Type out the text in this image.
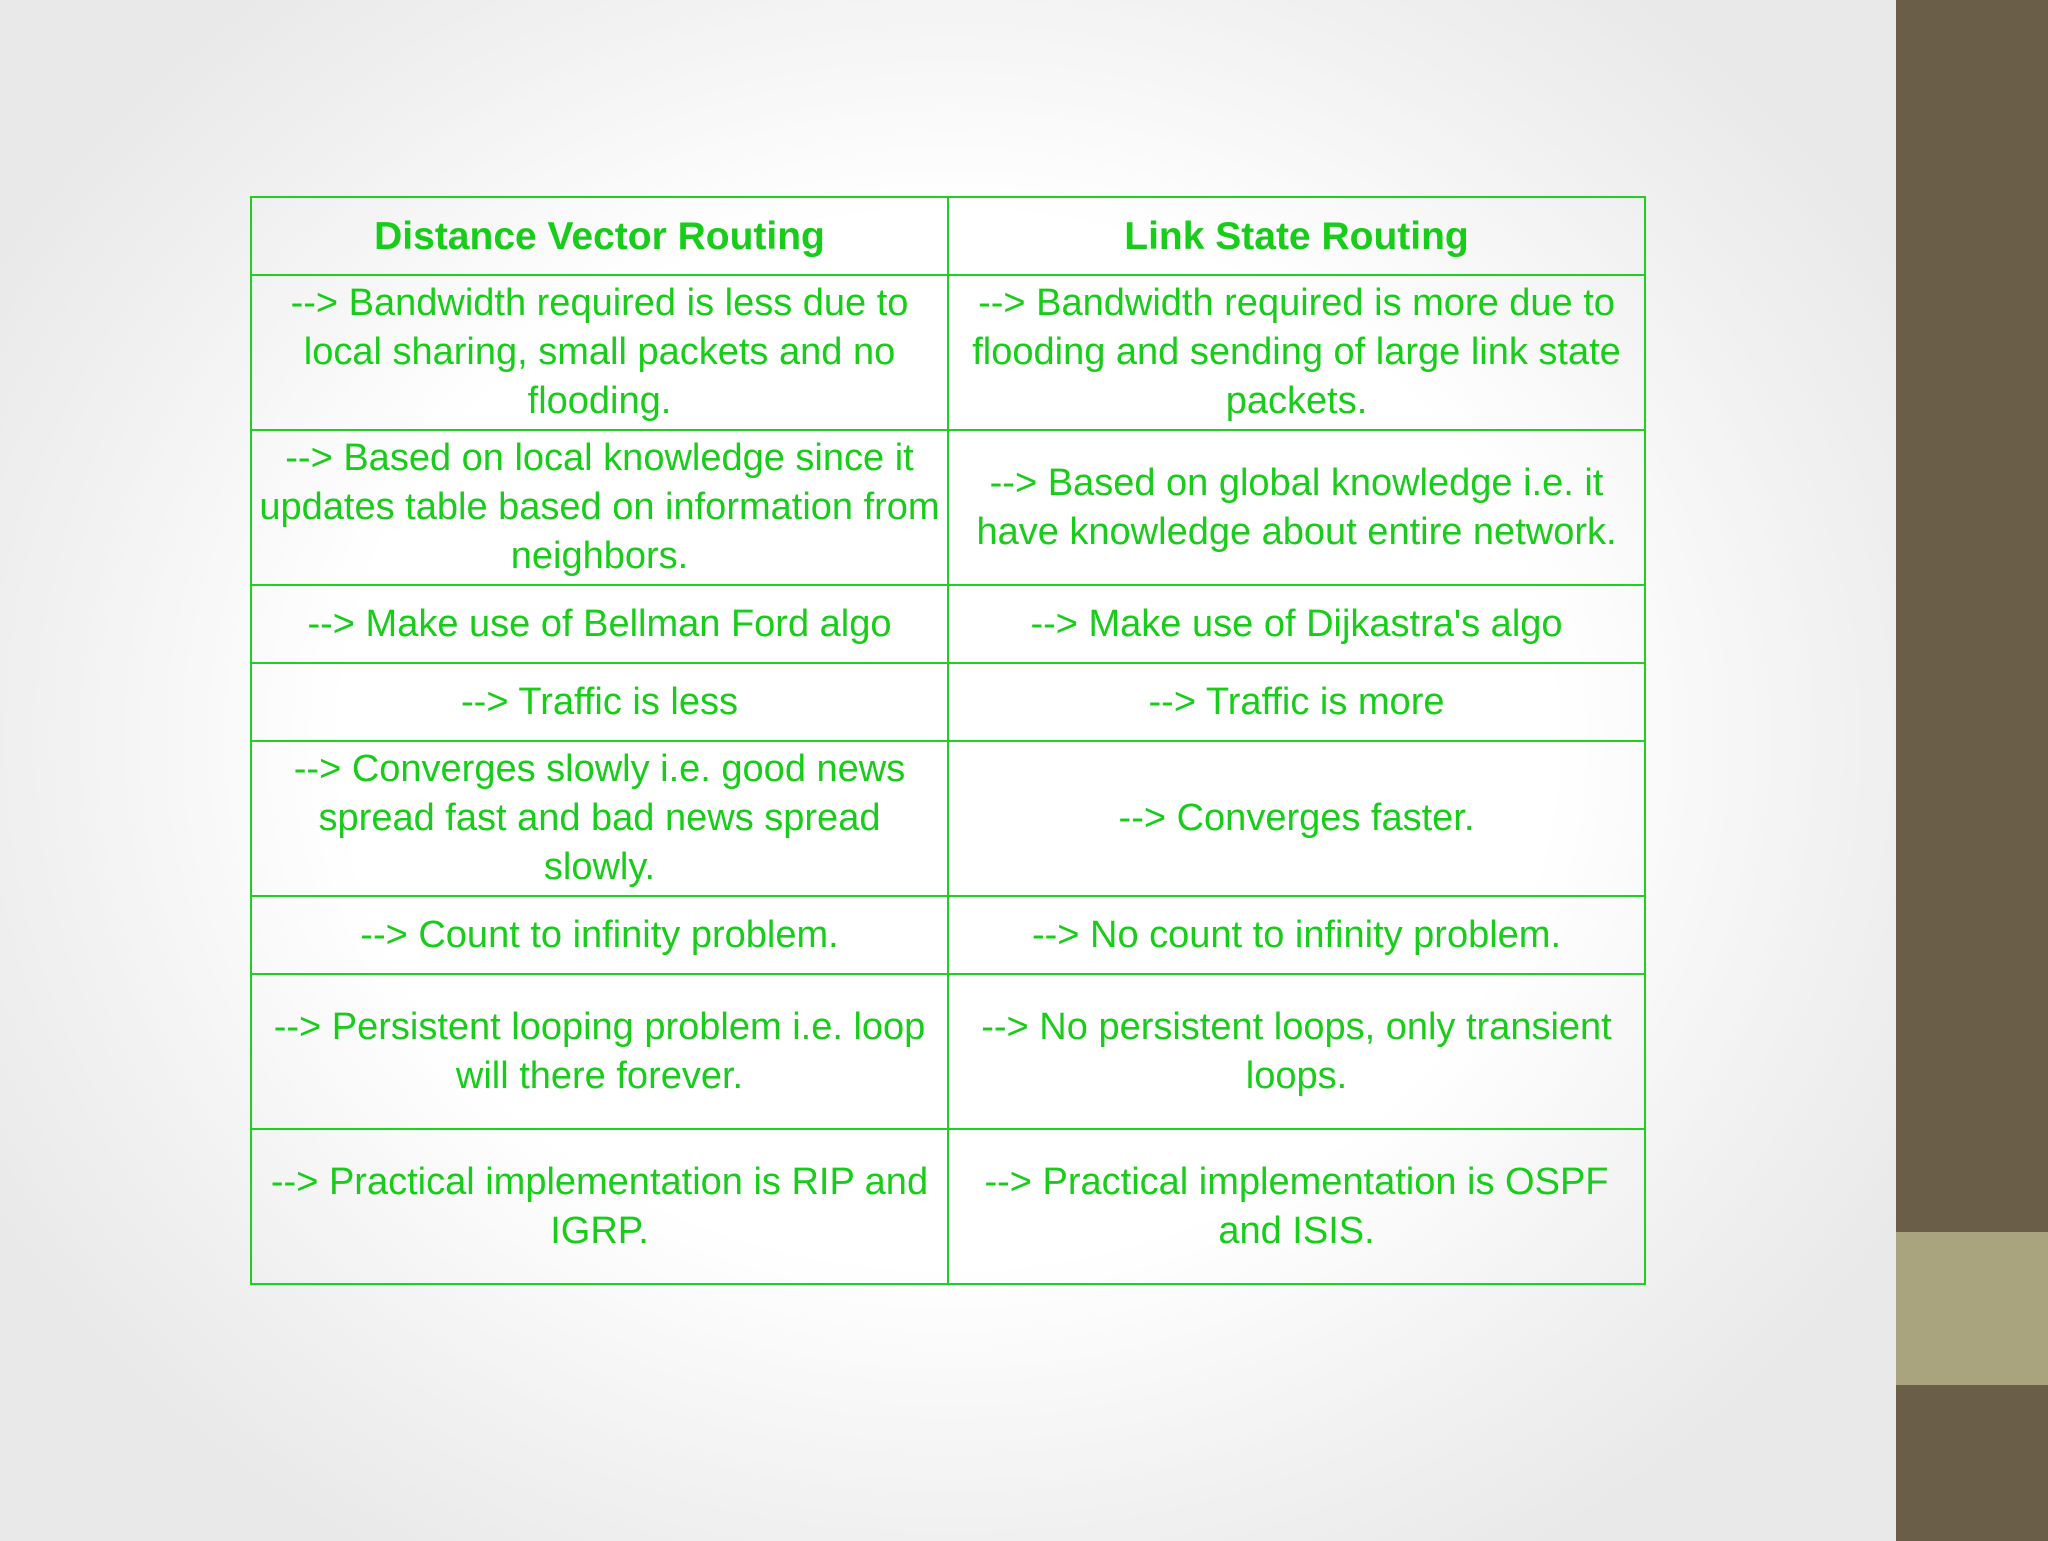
Distance Vector Routing	Link State Routing
--> Bandwidth required is less due to local sharing, small packets and no flooding.	--> Bandwidth required is more due to flooding and sending of large link state packets.
--> Based on local knowledge since it updates table based on information from neighbors.	--> Based on global knowledge i.e. it have knowledge about entire network.
--> Make use of Bellman Ford algo	--> Make use of Dijkastra's algo
--> Traffic is less	--> Traffic is more
--> Converges slowly i.e. good news spread fast and bad news spread slowly.	--> Converges faster.
--> Count to infinity problem.	--> No count to infinity problem.
--> Persistent looping problem i.e. loop will there forever.	--> No persistent loops, only transient loops.
--> Practical implementation is RIP and IGRP.	--> Practical implementation is OSPF and ISIS.
